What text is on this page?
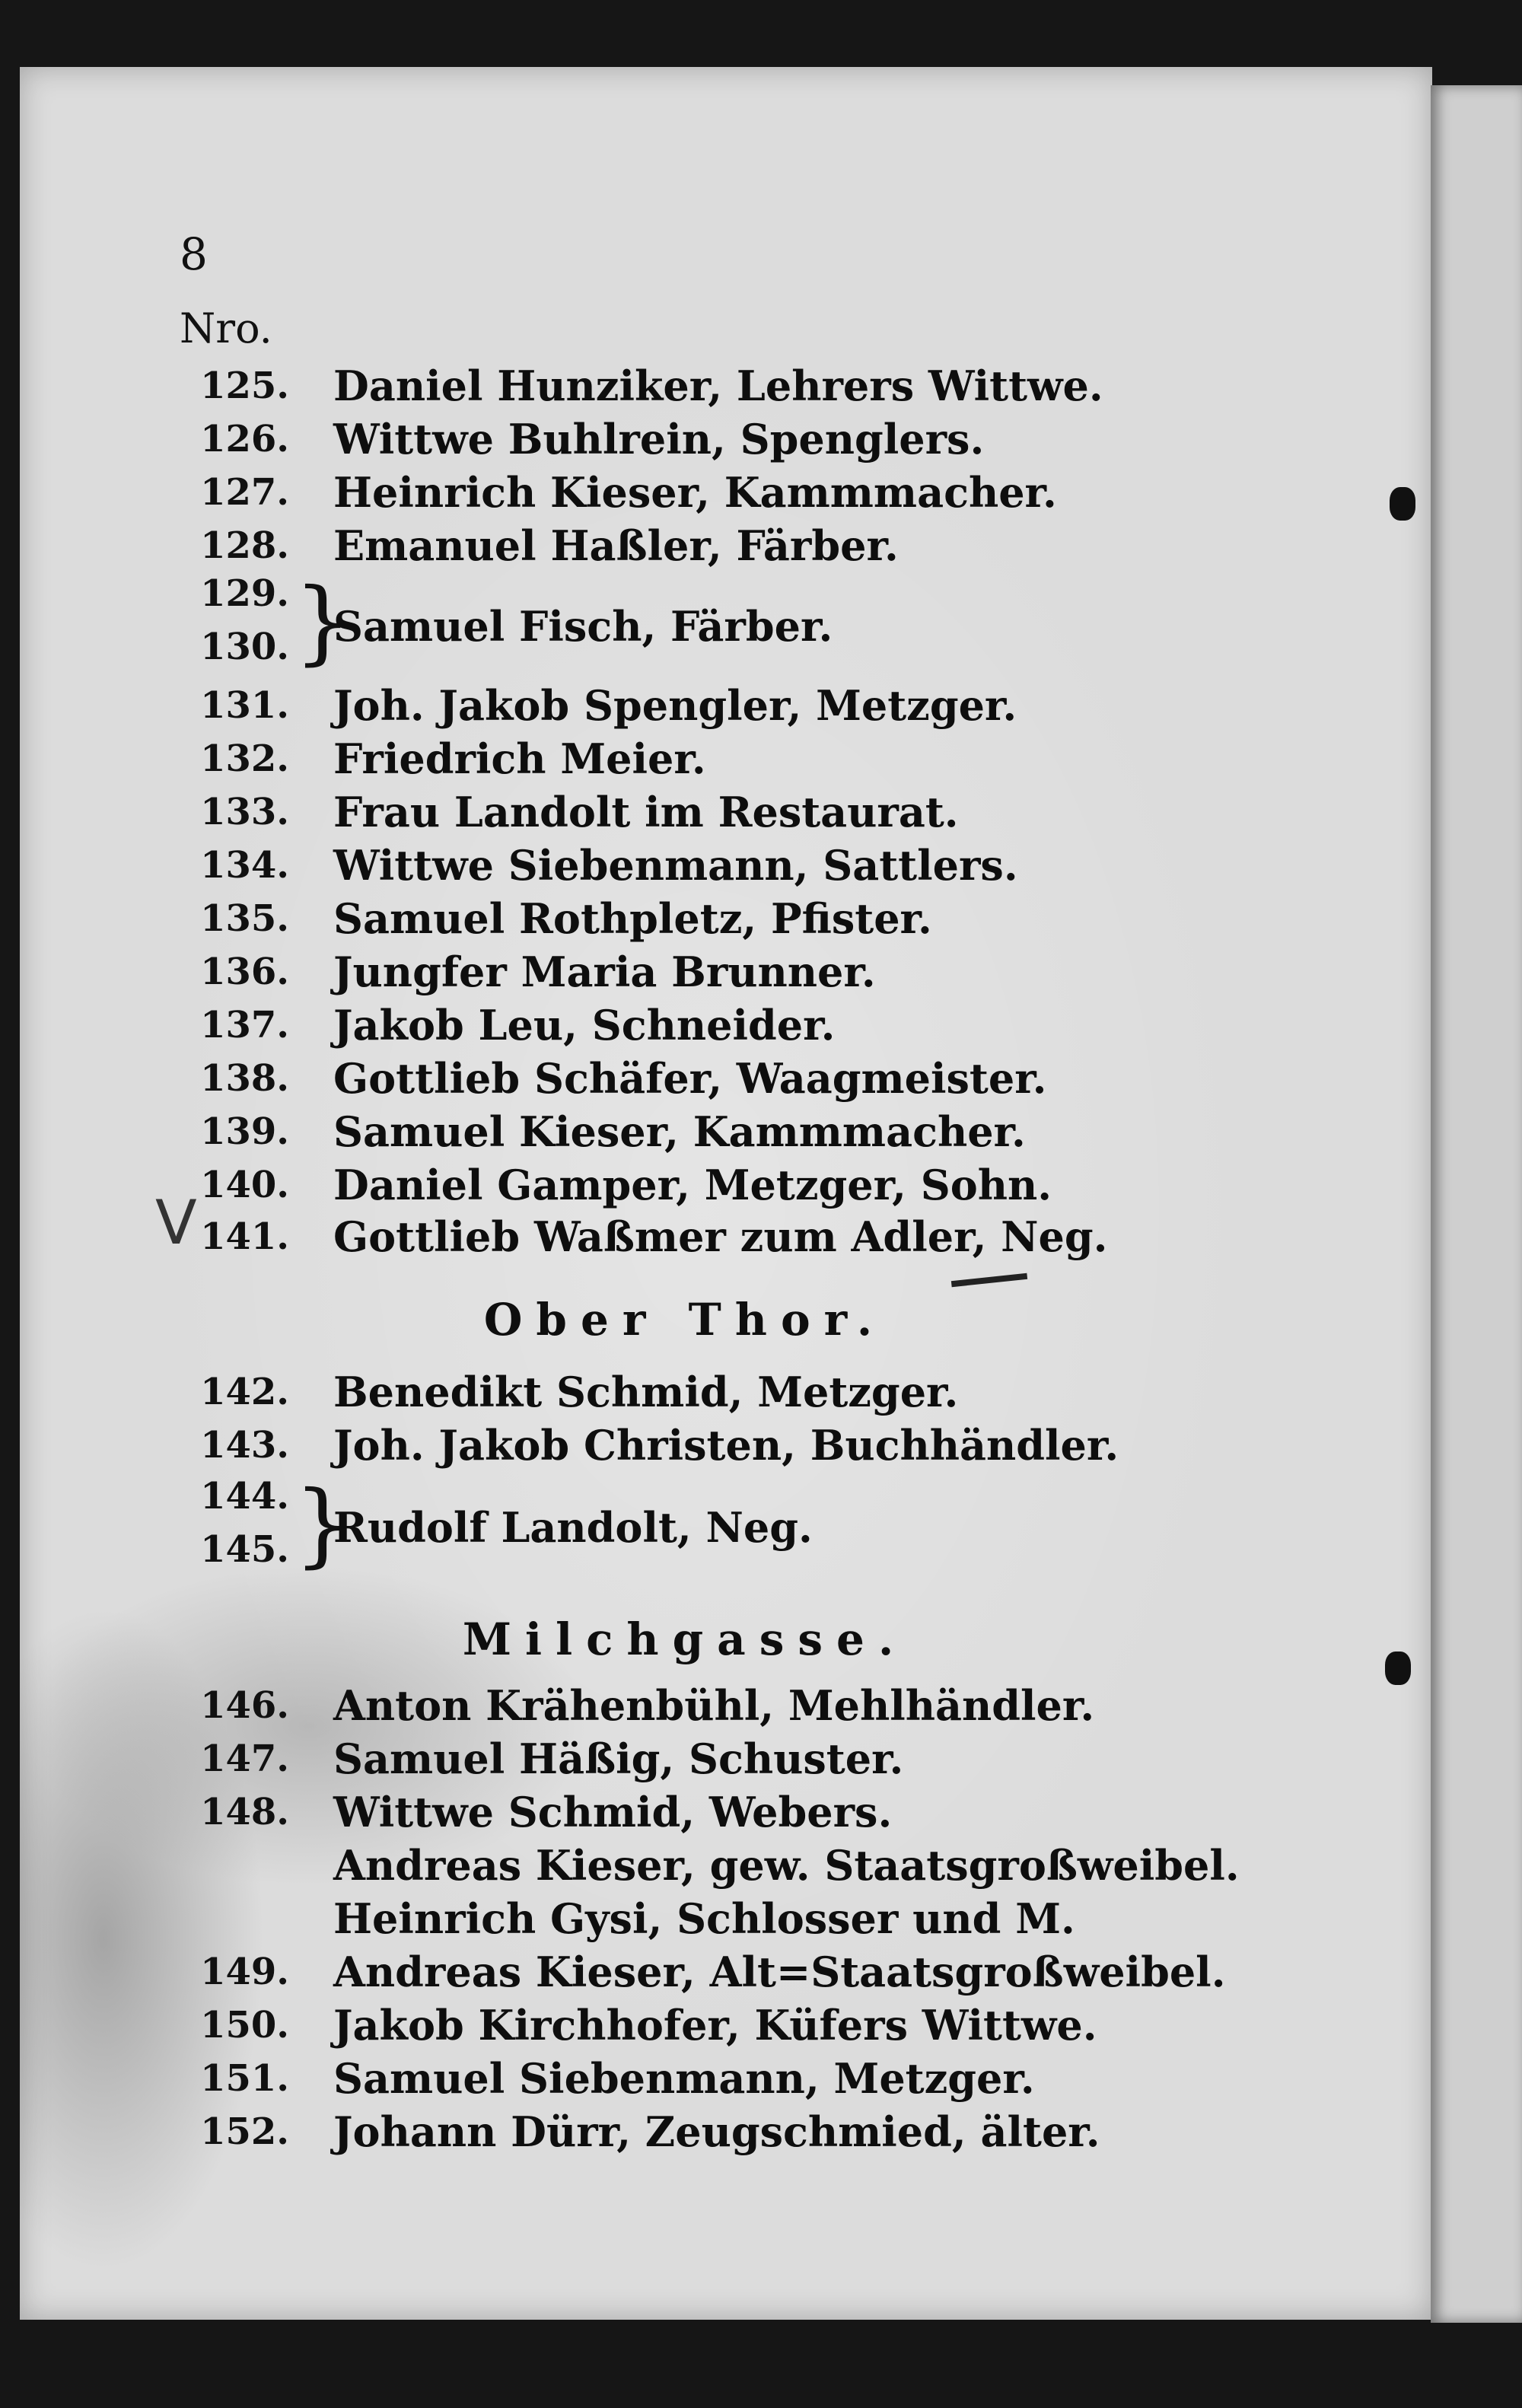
8
Nro.
125. Daniel Hunziker, Lehrers Wittwe.
126. Wittwe Buhlrein, Spenglers.
127. Heinrich Kieser, Kammmacher.
128. Emanuel Haßler, Färber.
129.
130. }
Samuel Fisch, Färber.
131. Joh. Jakob Spengler, Metzger.
132. Friedrich Meier.
133. Frau Landolt im Restaurat.
134. Wittwe Siebenmann, Sattlers.
135. Samuel Rothpletz, Pfister.
136. Jungfer Maria Brunner.
137. Jakob Leu, Schneider.
138. Gottlieb Schäfer, Waagmeister.
139. Samuel Kieser, Kammmacher.
140. Daniel Gamper, Metzger, Sohn.
141. Gottlieb Waßmer zum Adler, Neg.
V
Ober Thor.
142. Benedikt Schmid, Metzger.
143. Joh. Jakob Christen, Buchhändler.
144.
145. }
Rudolf Landolt, Neg.
Milchgasse.
146. Anton Krähenbühl, Mehlhändler.
147. Samuel Häßig, Schuster.
148. Wittwe Schmid, Webers.
Andreas Kieser, gew. Staatsgroßweibel.
Heinrich Gysi, Schlosser und M.
149. Andreas Kieser, Alt=Staatsgroßweibel.
150. Jakob Kirchhofer, Küfers Wittwe.
151. Samuel Siebenmann, Metzger.
152. Johann Dürr, Zeugschmied, älter.
